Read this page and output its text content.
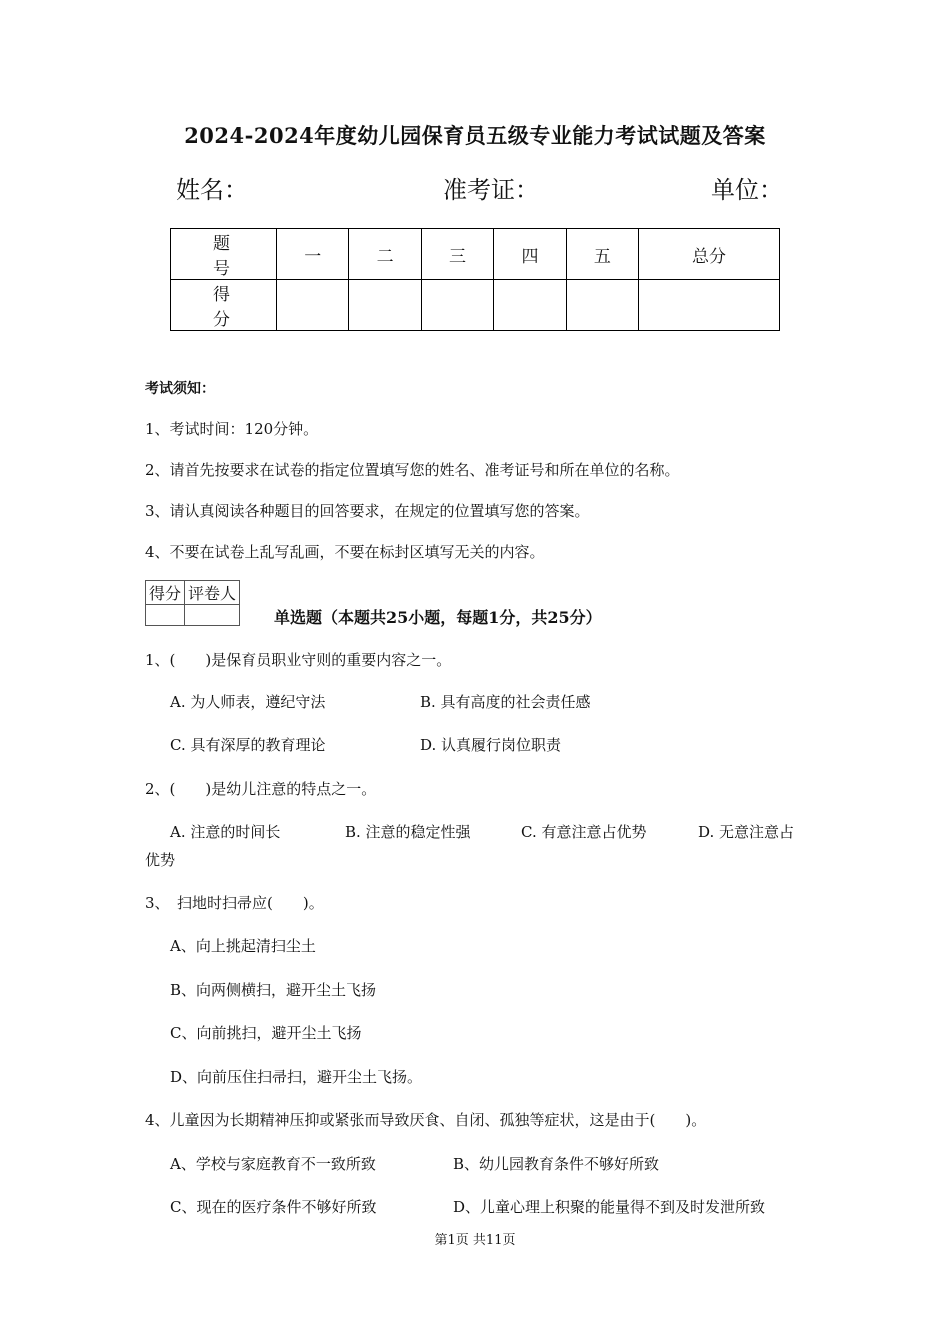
2024-2024年度幼儿园保育员五级专业能力考试试题及答案
姓名：	准考证：	单位：
题　号	一	二	三	四	五	总分
得　分						
考试须知：
1、考试时间：120分钟。
2、请首先按要求在试卷的指定位置填写您的姓名、准考证号和所在单位的名称。
3、请认真阅读各种题目的回答要求，在规定的位置填写您的答案。
4、不要在试卷上乱写乱画，不要在标封区填写无关的内容。
得分	评卷人

单选题（本题共25小题，每题1分，共25分）
1、(　　)是保育员职业守则的重要内容之一。
A. 为人师表，遵纪守法	B. 具有高度的社会责任感
C. 具有深厚的教育理论	D. 认真履行岗位职责
2、(　　)是幼儿注意的特点之一。
A. 注意的时间长	B. 注意的稳定性强	C. 有意注意占优势	D. 无意注意占
优势
3、　扫地时扫帚应(　　)。
A、向上挑起清扫尘土
B、向两侧横扫，避开尘土飞扬
C、向前挑扫，避开尘土飞扬
D、向前压住扫帚扫，避开尘土飞扬。
4、儿童因为长期精神压抑或紧张而导致厌食、自闭、孤独等症状，这是由于(　　)。
A、学校与家庭教育不一致所致	B、幼儿园教育条件不够好所致
C、现在的医疗条件不够好所致	D、儿童心理上积聚的能量得不到及时发泄所致
第1页 共11页
